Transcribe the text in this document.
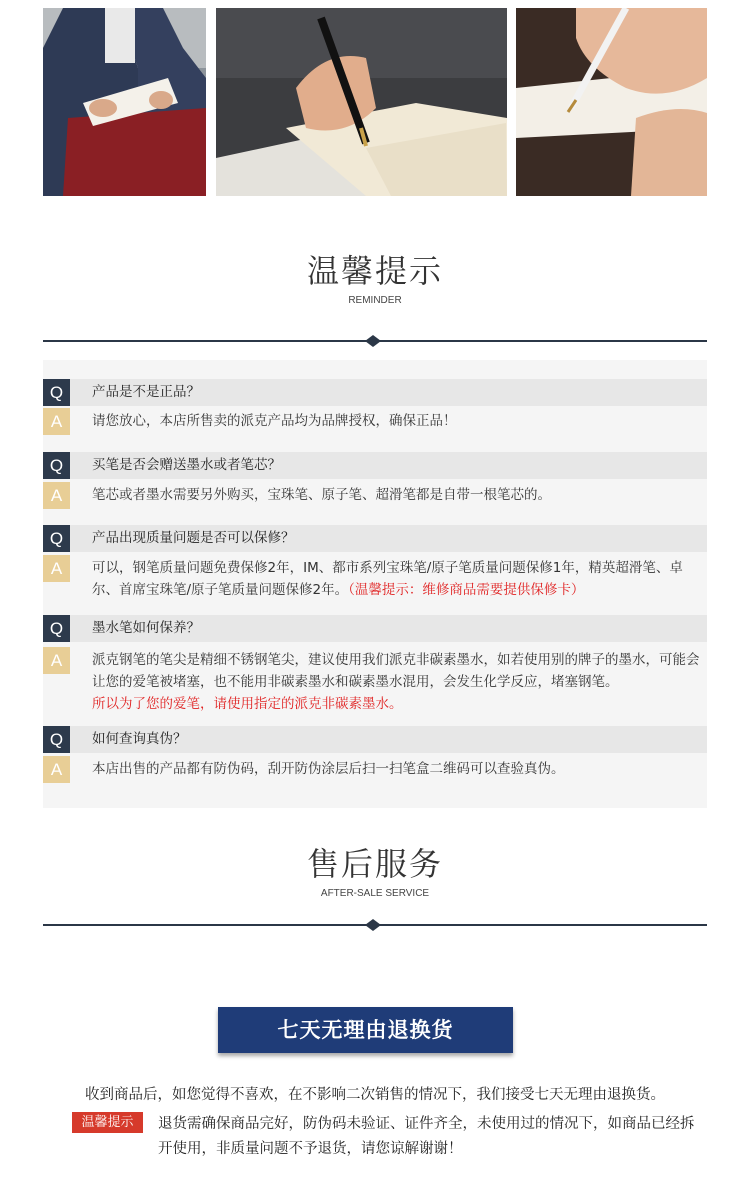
温馨提示
REMINDER
Q	产品是不是正品？
A	请您放心，本店所售卖的派克产品均为品牌授权，确保正品！
Q	买笔是否会赠送墨水或者笔芯？
A	笔芯或者墨水需要另外购买，宝珠笔、原子笔、超滑笔都是自带一根笔芯的。
Q	产品出现质量问题是否可以保修？
A	可以，钢笔质量问题免费保修2年，IM、都市系列宝珠笔/原子笔质量问题保修1年，精英超滑笔、卓尔、首席宝珠笔/原子笔质量问题保修2年。（温馨提示：维修商品需要提供保修卡）
Q	墨水笔如何保养？
A	派克钢笔的笔尖是精细不锈钢笔尖，建议使用我们派克非碳素墨水，如若使用别的牌子的墨水，可能会让您的爱笔被堵塞，也不能用非碳素墨水和碳素墨水混用，会发生化学反应，堵塞钢笔。
所以为了您的爱笔，请使用指定的派克非碳素墨水。
Q	如何查询真伪？
A	本店出售的产品都有防伪码，刮开防伪涂层后扫一扫笔盒二维码可以查验真伪。
售后服务
AFTER-SALE SERVICE
七天无理由退换货
收到商品后，如您觉得不喜欢，在不影响二次销售的情况下，我们接受七天无理由退换货。
温馨提示	退货需确保商品完好，防伪码未验证、证件齐全，未使用过的情况下，如商品已经拆开使用，非质量问题不予退货，请您谅解谢谢！
